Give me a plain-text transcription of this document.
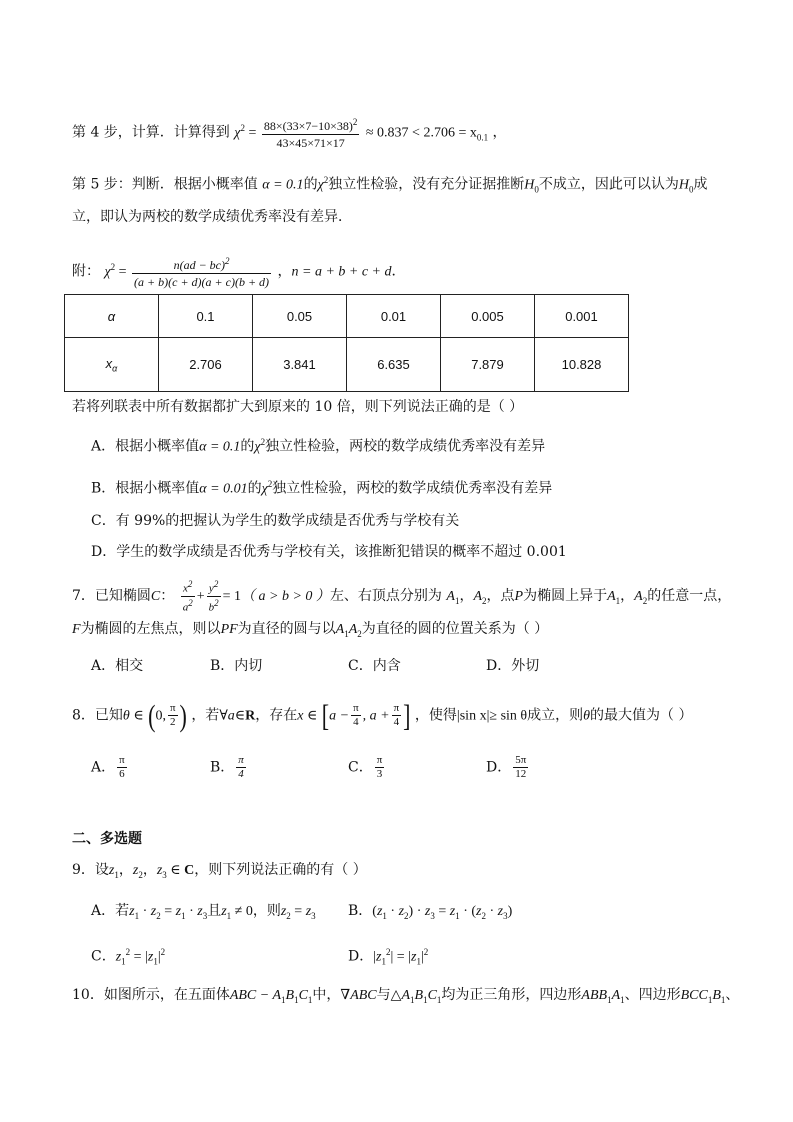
第 4 步，计算．计算得到 $\chi^2 = \frac{88\times(33\times 7-10\times 38)^2}{43\times 45\times 71\times 17} \approx 0.837 < 2.706 = x_{0.1}$ ，
第 5 步：判断．根据小概率值 α = 0.1的$\chi^2$独立性检验，没有充分证据推断$H_0$不成立，因此可以认为$H_0$成
立，即认为两校的数学成绩优秀率没有差异．
附： $\chi^2 = \frac{n(ad - bc)^2}{(a + b)(c + d)(a + c)(b + d)}$ ，n = a + b + c + d．
α	0.1	0.05	0.01	0.005	0.001
$x_\alpha$	2.706	3.841	6.635	7.879	10.828
若将列联表中所有数据都扩大到原来的 10 倍，则下列说法正确的是（ ）
A．根据小概率值α = 0.1的$\chi^2$独立性检验，两校的数学成绩优秀率没有差异
B．根据小概率值α = 0.01的$\chi^2$独立性检验，两校的数学成绩优秀率没有差异
C．有 99%的把握认为学生的数学成绩是否优秀与学校有关
D．学生的数学成绩是否优秀与学校有关，该推断犯错误的概率不超过 0.001
7．已知椭圆C： $\frac{x^2}{a^2} + \frac{y^2}{b^2} = 1$（ a > b > 0 ）左、右顶点分别为 $A_1$，$A_2$，点P为椭圆上异于$A_1$，$A_2$的任意一点，
F为椭圆的左焦点，则以PF为直径的圆与以$A_1A_2$为直径的圆的位置关系为（ ）
A．相交	B．内切	C．内含	D．外切
8．已知θ ∈ (0, $\frac{\pi}{2}$ ) ，若∀a∈R，存在x ∈ [$a - \frac{\pi}{4}$ , $a + \frac{\pi}{4}$ ] ，使得|sin x|≥ sin θ成立，则θ的最大值为（ ）
A． $\frac{\pi}{6}$	B． $\frac{\pi}{4}$	C． $\frac{\pi}{3}$	D． $\frac{5\pi}{12}$
二、多选题
9．设$z_1$，$z_2$，$z_3$ ∈ C，则下列说法正确的有（ ）
A．若$z_1 \cdot z_2 = z_1 \cdot z_3$且$z_1 \ne 0$，则$z_2 = z_3$ B．$(z_1 \cdot z_2) \cdot z_3 = z_1 \cdot (z_2 \cdot z_3)$
C．$z_1^2 = |z_1|^2$	D．$|z_1^2| = |z_1|^2$
10．如图所示，在五面体ABC − $A_1B_1C_1$中，∇ABC与$\triangle A_1B_1C_1$均为正三角形，四边形$ABB_1A_1$、四边形$BCC_1B_1$、
